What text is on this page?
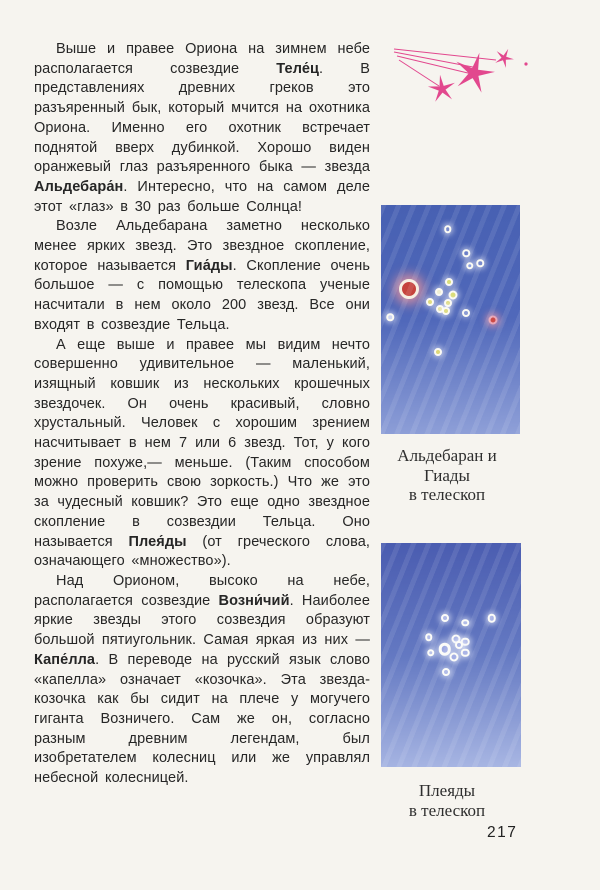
Выше и правее Ориона на зимнем небе располагается созвездие Теле́ц. В представлениях древних греков это разъяренный бык, который мчится на охотника Ориона. Именно его охотник встречает поднятой вверх дубинкой. Хорошо виден оранжевый глаз разъяренного быка — звезда Альдебара́н. Интересно, что на самом деле этот «глаз» в 30 раз больше Солнца!

Возле Альдебарана заметно несколько менее ярких звезд. Это звездное скопление, которое называется Гиа́ды. Скопление очень большое — с помощью телескопа ученые насчитали в нем около 200 звезд. Все они входят в созвездие Тельца.

А еще выше и правее мы видим нечто совершенно удивительное — маленький, изящный ковшик из нескольких крошечных звездочек. Он очень красивый, словно хрустальный. Человек с хорошим зрением насчитывает в нем 7 или 6 звезд. Тот, у кого зрение похуже,— меньше. (Таким способом можно проверить свою зоркость.) Что же это за чудесный ковшик? Это еще одно звездное скопление в созвездии Тельца. Оно называется Плея́ды (от греческого слова, означающего «множество»).

Над Орионом, высоко на небе, располагается созвездие Возни́чий. Наиболее яркие звезды этого созвездия образуют большой пятиугольник. Самая яркая из них — Капе́лла. В переводе на русский язык слово «капелла» означает «козочка». Эта звезда-козочка как бы сидит на плече у могучего гиганта Возничего. Сам же он, согласно разным древним легендам, был изобретателем колесниц или же управлял небесной колесницей.

Альдебаран и
Гиады
в телескоп
Плеяды
в телескоп
217
